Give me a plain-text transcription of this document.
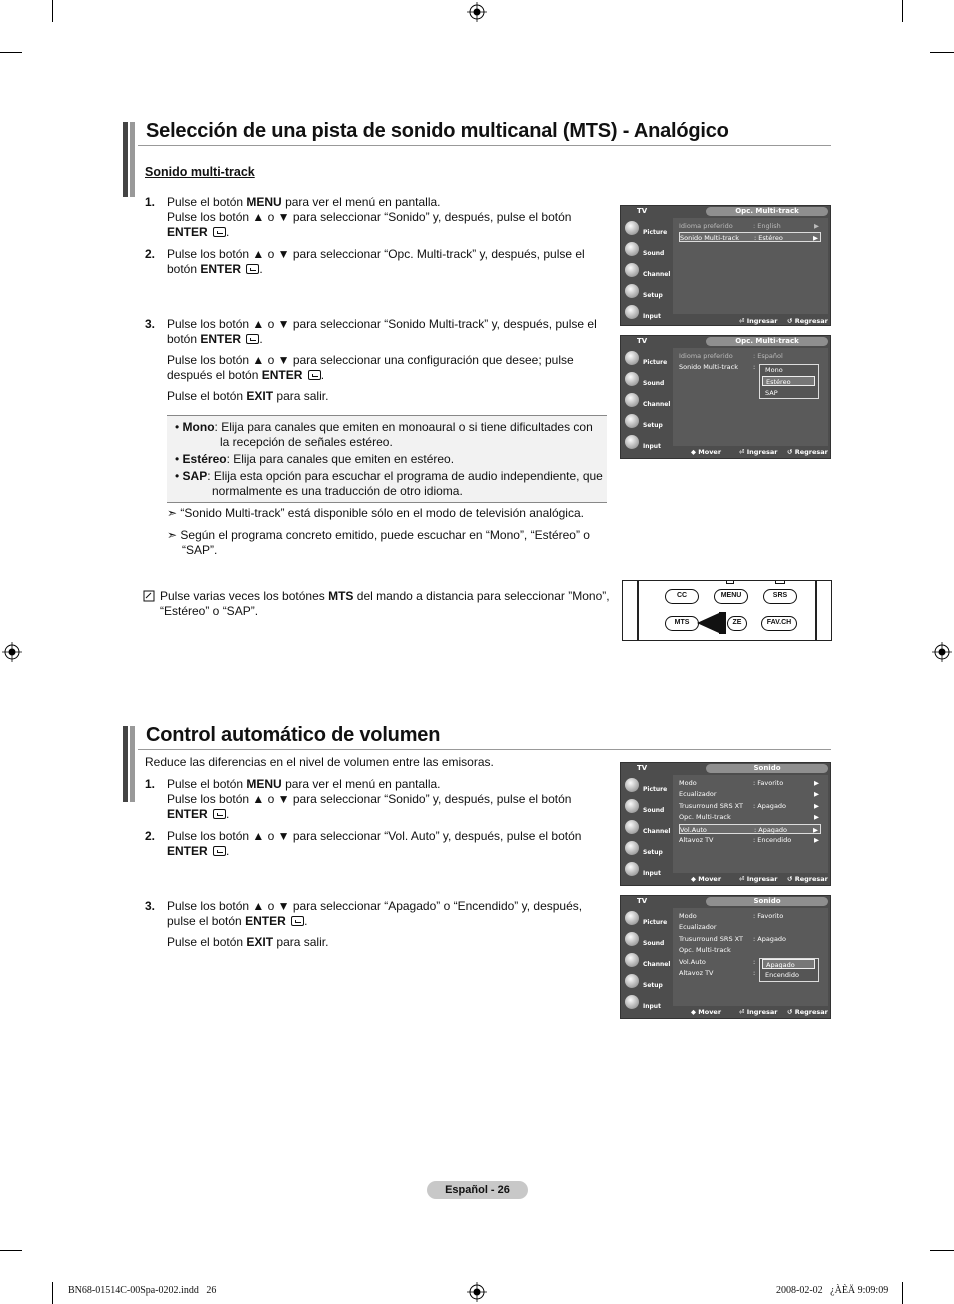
Selección de una pista de sonido multicanal (MTS) - Analógico
Sonido multi-track
1. Pulse el botón MENU para ver el menú en pantalla.
Pulse los botón ▲ o ▼ para seleccionar “Sonido” y, después, pulse el botón
ENTER .
2. Pulse los botón ▲ o ▼ para seleccionar “Opc. Multi-track” y, después, pulse el
botón ENTER .
3. Pulse los botón ▲ o ▼ para seleccionar “Sonido Multi-track” y, después, pulse el
botón ENTER .
Pulse los botón ▲ o ▼ para seleccionar una configuración que desee; pulse
después el botón ENTER .
Pulse el botón EXIT para salir.
• Mono: Elija para canales que emiten en monoaural o si tiene dificultades con
la recepción de señales estéreo.
• Estéreo: Elija para canales que emiten en estéreo.
• SAP: Elija esta opción para escuchar el programa de audio independiente, que
normalmente es una traducción de otro idioma.
➣ “Sonido Multi-track” está disponible sólo en el modo de televisión analógica.
➣ Según el programa concreto emitido, puede escuchar en “Mono”, “Estéreo” o
“SAP”.
Pulse varias veces los botónes MTS del mando a distancia para seleccionar ”Mono”,
“Estéreo” o “SAP”.
CC	MENU	SRS
MTS	ZE	FAV.CH
TV	Opc. Multi-track
Picture
Sound
Channel
Setup
Input
Idioma preferido	: English	▶
Sonido Multi-track : Estéreo	▶
⏎ Ingresar ↺ Regresar
TV	Opc. Multi-track
Picture
Sound
Channel
Setup
Input
Idioma preferido	: Español
Sonido Multi-track :	Mono
Estéreo
SAP
◆ Mover	⏎ Ingresar ↺ Regresar
Control automático de volumen
Reduce las diferencias en el nivel de volumen entre las emisoras.
1. Pulse el botón MENU para ver el menú en pantalla.
Pulse los botón ▲ o ▼ para seleccionar “Sonido” y, después, pulse el botón
ENTER .
2. Pulse los botón ▲ o ▼ para seleccionar “Vol. Auto” y, después, pulse el botón
ENTER .
3. Pulse los botón ▲ o ▼ para seleccionar “Apagado” o “Encendido” y, después,
pulse el botón ENTER .
Pulse el botón EXIT para salir.
TV	Sonido
Picture
Sound
Channel
Setup
Input
Modo	: Favorito	▶
Ecualizador	▶
Trusurround SRS XT : Apagado	▶
Opc. Multi-track	▶
Vol.Auto	: Apagado	▶
Altavoz TV	: Encendido	▶
◆ Mover	⏎ Ingresar ↺ Regresar
TV	Sonido
Picture
Sound
Channel
Setup
Input
Modo	: Favorito
Ecualizador
Trusurround SRS XT : Apagado
Opc. Multi-track
Vol.Auto	:
Altavoz TV	:
Apagado
Encendido
◆ Mover	⏎ Ingresar ↺ Regresar
Español - 26
BN68-01514C-00Spa-0202.indd   26	2008-02-02   ¿ÀÈÄ 9:09:09
